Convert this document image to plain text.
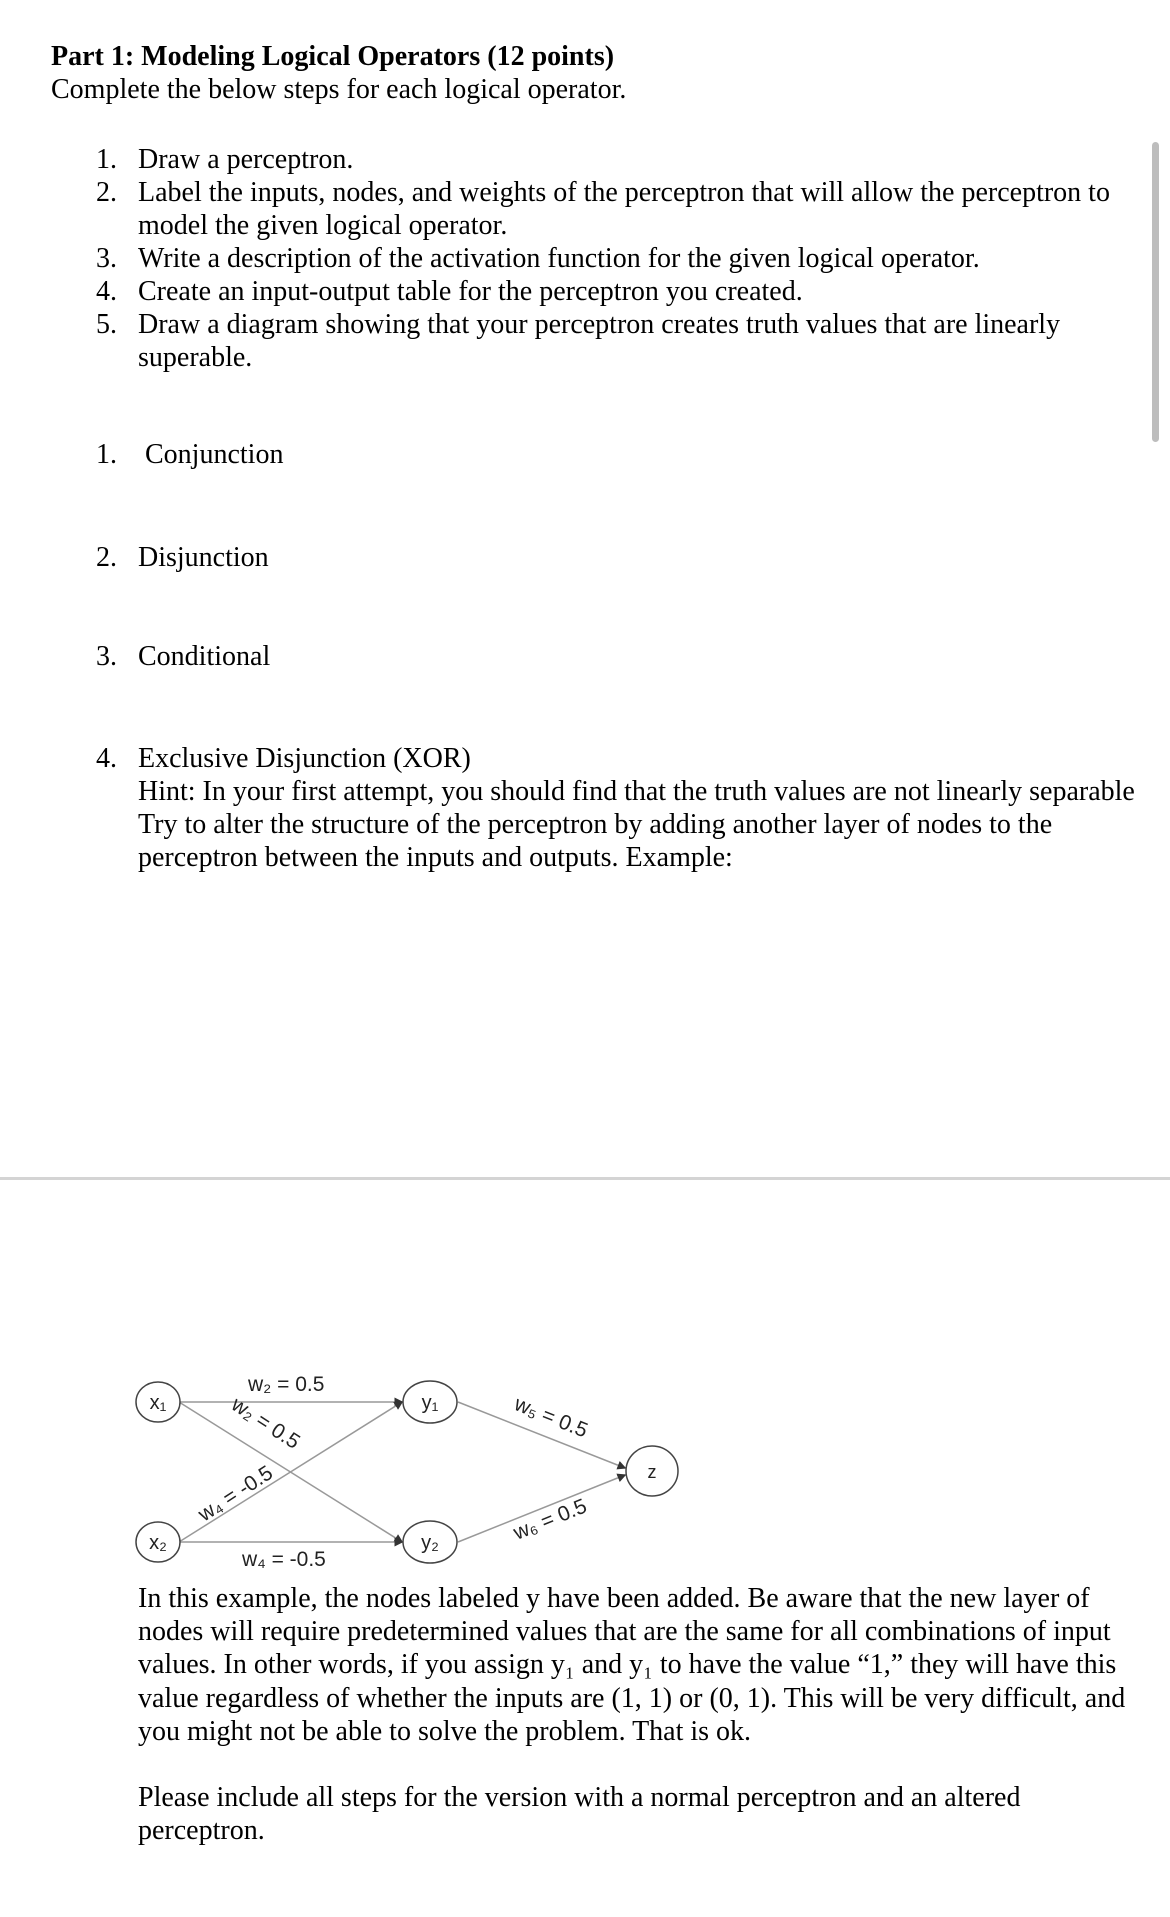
Part 1: Modeling Logical Operators (12 points)
Complete the below steps for each logical operator.
1. Draw a perceptron.
2. Label the inputs, nodes, and weights of the perceptron that will allow the perceptron to
model the given logical operator.
3. Write a description of the activation function for the given logical operator.
4. Create an input-output table for the perceptron you created.
5. Draw a diagram showing that your perceptron creates truth values that are linearly
superable.
1. Conjunction
2. Disjunction
3. Conditional
4. Exclusive Disjunction (XOR)
Hint: In your first attempt, you should find that the truth values are not linearly separable
Try to alter the structure of the perceptron by adding another layer of nodes to the
perceptron between the inputs and outputs. Example:
x₁
x₂
y₁
y₂
z
w₂ = 0.5
w₂ = 0.5
w₄ = -0.5
w₄ = -0.5
w₅ = 0.5
w₆ = 0.5
In this example, the nodes labeled y have been added. Be aware that the new layer of
nodes will require predetermined values that are the same for all combinations of input
values. In other words, if you assign y₁ and y₁ to have the value “1,” they will have this
value regardless of whether the inputs are (1, 1) or (0, 1). This will be very difficult, and
you might not be able to solve the problem. That is ok.
Please include all steps for the version with a normal perceptron and an altered
perceptron.
